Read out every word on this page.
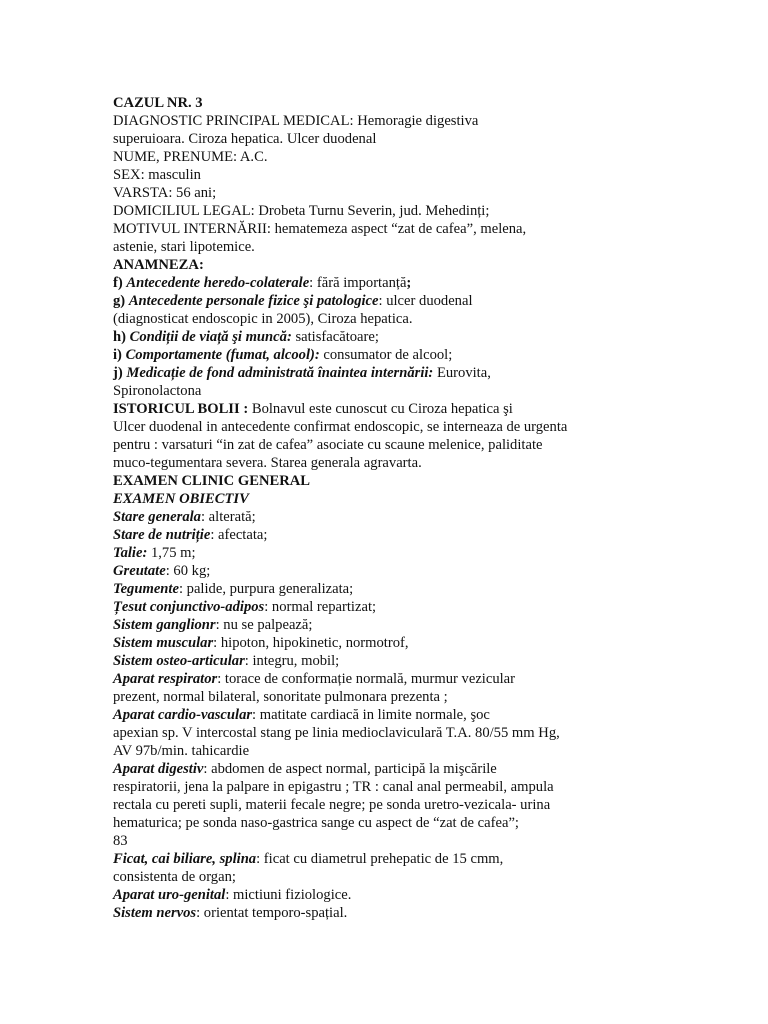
CAZUL NR. 3
DIAGNOSTIC PRINCIPAL MEDICAL: Hemoragie digestiva
superuioara. Ciroza hepatica. Ulcer duodenal
NUME, PRENUME: A.C.
SEX: masculin
VARSTA: 56 ani;
DOMICILIUL LEGAL: Drobeta Turnu Severin, jud. Mehedinți;
MOTIVUL INTERNĂRII: hematemeza aspect “zat de cafea”, melena,
astenie, stari lipotemice.
ANAMNEZA:
f) Antecedente heredo-colaterale: fără importanță;
g) Antecedente personale fizice şi patologice: ulcer duodenal
(diagnosticat endoscopic in 2005), Ciroza hepatica.
h) Condiții de viață şi muncă: satisfacătoare;
i) Comportamente (fumat, alcool): consumator de alcool;
j) Medicație de fond administrată înaintea internării: Eurovita,
Spironolactona
ISTORICUL BOLII : Bolnavul este cunoscut cu Ciroza hepatica şi
Ulcer duodenal in antecedente confirmat endoscopic, se interneaza de urgenta
pentru : varsaturi “in zat de cafea” asociate cu scaune melenice, paliditate
muco-tegumentara severa. Starea generala agravarta.
EXAMEN CLINIC GENERAL
EXAMEN OBIECTIV
Stare generala: alterată;
Stare de nutriție: afectata;
Talie: 1,75 m;
Greutate: 60 kg;
Tegumente: palide, purpura generalizata;
Țesut conjunctivo-adipos: normal repartizat;
Sistem ganglionr: nu se palpează;
Sistem muscular: hipoton, hipokinetic, normotrof,
Sistem osteo-articular: integru, mobil;
Aparat respirator: torace de conformație normală, murmur vezicular
prezent, normal bilateral, sonoritate pulmonara prezenta ;
Aparat cardio-vascular: matitate cardiacă in limite normale, şoc
apexian sp. V intercostal stang pe linia medioclaviculară T.A. 80/55 mm Hg,
AV 97b/min. tahicardie
Aparat digestiv: abdomen de aspect normal, participă la mişcările
respiratorii, jena la palpare in epigastru ; TR : canal anal permeabil, ampula
rectala cu pereti supli, materii fecale negre; pe sonda uretro-vezicala- urina
hematurica; pe sonda naso-gastrica sange cu aspect de “zat de cafea”;
83
Ficat, cai biliare, splina: ficat cu diametrul prehepatic de 15 cmm,
consistenta de organ;
Aparat uro-genital: mictiuni fiziologice.
Sistem nervos: orientat temporo-spațial.
